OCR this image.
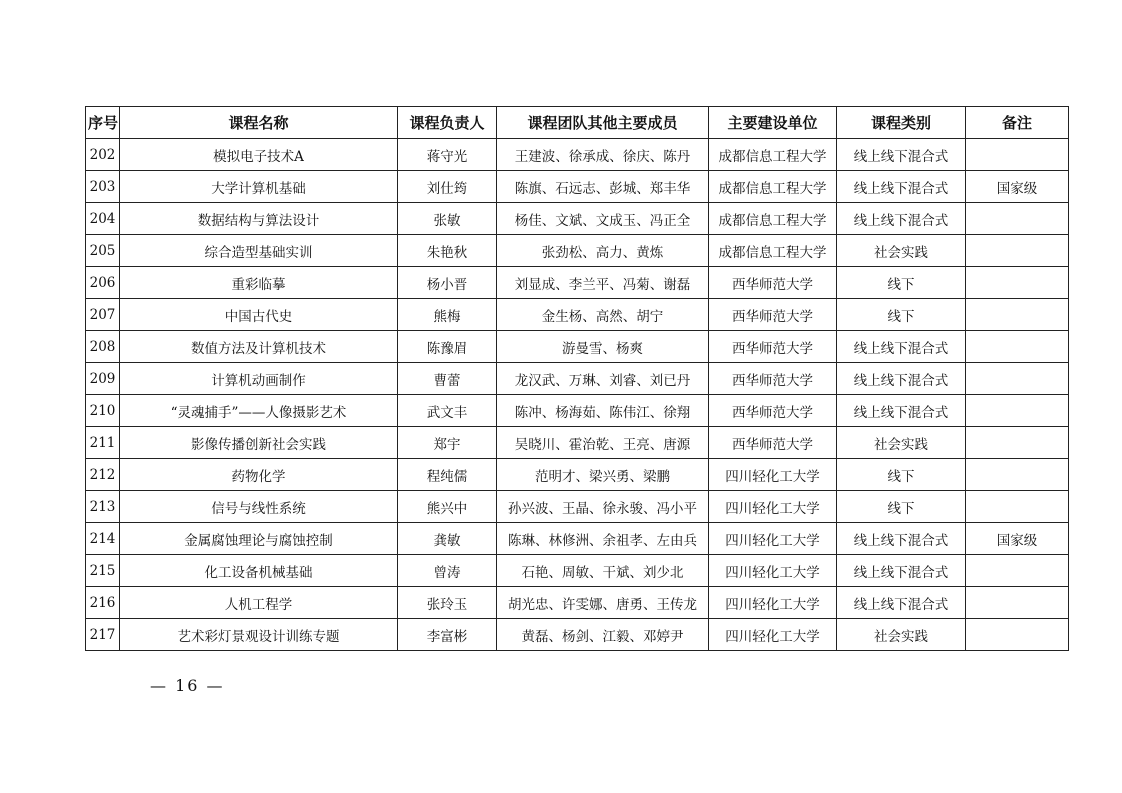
序号	课程名称	课程负责人	课程团队其他主要成员	主要建设单位	课程类别	备注
202	模拟电子技术A	蒋守光	王建波、徐承成、徐庆、陈丹	成都信息工程大学	线上线下混合式	
203	大学计算机基础	刘仕筠	陈旗、石远志、彭城、郑丰华	成都信息工程大学	线上线下混合式	国家级
204	数据结构与算法设计	张敏	杨佳、文斌、文成玉、冯正全	成都信息工程大学	线上线下混合式	
205	综合造型基础实训	朱艳秋	张劲松、高力、黄炼	成都信息工程大学	社会实践	
206	重彩临摹	杨小晋	刘显成、李兰平、冯菊、谢磊	西华师范大学	线下	
207	中国古代史	熊梅	金生杨、高然、胡宁	西华师范大学	线下	
208	数值方法及计算机技术	陈豫眉	游曼雪、杨爽	西华师范大学	线上线下混合式	
209	计算机动画制作	曹蕾	龙汉武、万琳、刘睿、刘已丹	西华师范大学	线上线下混合式	
210	“灵魂捕手”——人像摄影艺术	武文丰	陈冲、杨海茹、陈伟江、徐翔	西华师范大学	线上线下混合式	
211	影像传播创新社会实践	郑宇	吴晓川、霍治乾、王亮、唐源	西华师范大学	社会实践	
212	药物化学	程纯儒	范明才、梁兴勇、梁鹏	四川轻化工大学	线下	
213	信号与线性系统	熊兴中	孙兴波、王晶、徐永骏、冯小平	四川轻化工大学	线下	
214	金属腐蚀理论与腐蚀控制	龚敏	陈琳、林修洲、余祖孝、左由兵	四川轻化工大学	线上线下混合式	国家级
215	化工设备机械基础	曾涛	石艳、周敏、干斌、刘少北	四川轻化工大学	线上线下混合式	
216	人机工程学	张玲玉	胡光忠、许雯娜、唐勇、王传龙	四川轻化工大学	线上线下混合式	
217	艺术彩灯景观设计训练专题	李富彬	黄磊、杨剑、江毅、邓婷尹	四川轻化工大学	社会实践	
— 16 —
